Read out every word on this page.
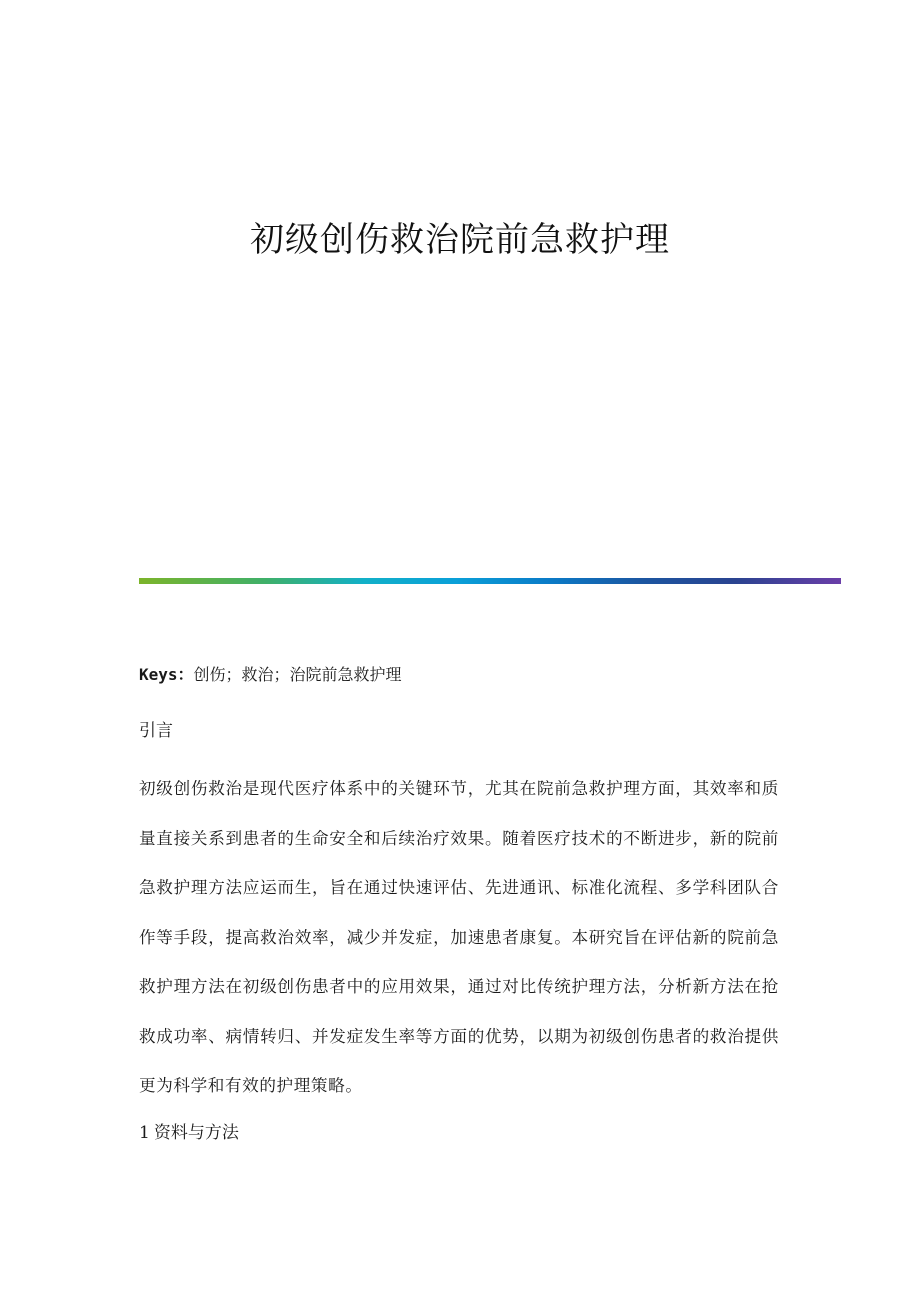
初级创伤救治院前急救护理

Keys：创伤；救治；治院前急救护理

引言

初级创伤救治是现代医疗体系中的关键环节，尤其在院前急救护理方面，其效率和质量直接关系到患者的生命安全和后续治疗效果。随着医疗技术的不断进步，新的院前急救护理方法应运而生，旨在通过快速评估、先进通讯、标准化流程、多学科团队合作等手段，提高救治效率，减少并发症，加速患者康复。本研究旨在评估新的院前急救护理方法在初级创伤患者中的应用效果，通过对比传统护理方法，分析新方法在抢救成功率、病情转归、并发症发生率等方面的优势，以期为初级创伤患者的救治提供更为科学和有效的护理策略。

1 资料与方法
